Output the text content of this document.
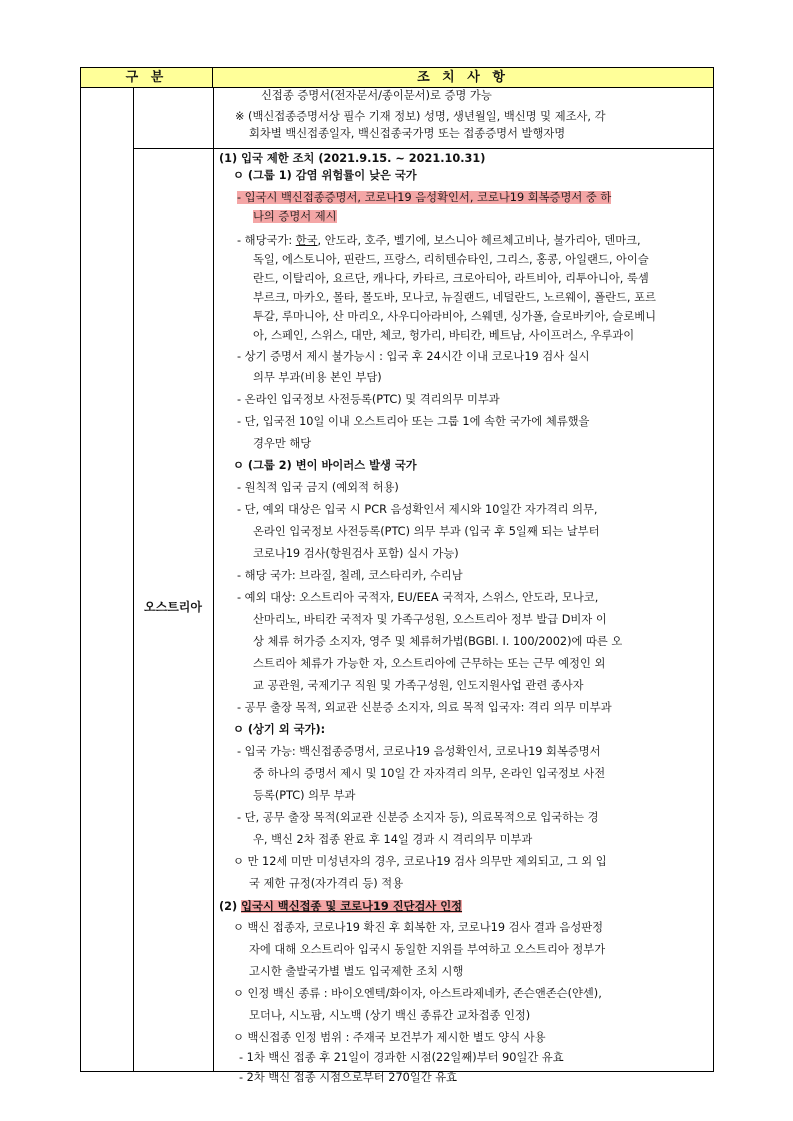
구 분	조 치 사 항
오스트리아
신접종 증명서(전자문서/종이문서)로 증명 가능
※ (백신접종증명서상 필수 기재 정보) 성명, 생년월일, 백신명 및 제조사, 각
회차별 백신접종일자, 백신접종국가명 또는 접종증명서 발행자명
(1) 입국 제한 조치 (2021.9.15. ~ 2021.10.31)
ㅇ (그룹 1) 감염 위험률이 낮은 국가
- 입국시 백신접종증명서, 코로나19 음성확인서, 코로나19 회복증명서 중 하
나의 증명서 제시
- 해당국가: 한국, 안도라, 호주, 벨기에, 보스니아 헤르체고비나, 불가리아, 덴마크,
독일, 에스토니아, 핀란드, 프랑스, 리히텐슈타인, 그리스, 홍콩, 아일랜드, 아이슬
란드, 이탈리아, 요르단, 캐나다, 카타르, 크로아티아, 라트비아, 리투아니아, 룩셈
부르크, 마카오, 몰타, 몰도바, 모나코, 뉴질랜드, 네덜란드, 노르웨이, 폴란드, 포르
투갈, 루마니아, 산 마리오, 사우디아라비아, 스웨덴, 싱가폴, 슬로바키아, 슬로베니
아, 스페인, 스위스, 대만, 체코, 헝가리, 바티칸, 베트남, 사이프러스, 우루과이
- 상기 증명서 제시 불가능시 : 입국 후 24시간 이내 코로나19 검사 실시
의무 부과(비용 본인 부담)
- 온라인 입국정보 사전등록(PTC) 및 격리의무 미부과
- 단, 입국전 10일 이내 오스트리아 또는 그룹 1에 속한 국가에 체류했을
경우만 해당
ㅇ (그룹 2) 변이 바이러스 발생 국가
- 원칙적 입국 금지 (예외적 허용)
- 단, 예외 대상은 입국 시 PCR 음성확인서 제시와 10일간 자가격리 의무,
온라인 입국정보 사전등록(PTC) 의무 부과 (입국 후 5일째 되는 날부터
코로나19 검사(항원검사 포함) 실시 가능)
- 해당 국가: 브라질, 칠레, 코스타리카, 수리남
- 예외 대상: 오스트리아 국적자, EU/EEA 국적자, 스위스, 안도라, 모나코,
산마리노, 바티칸 국적자 및 가족구성원, 오스트리아 정부 발급 D비자 이
상 체류 허가증 소지자, 영주 및 체류허가법(BGBl. I. 100/2002)에 따른 오
스트리아 체류가 가능한 자, 오스트리아에 근무하는 또는 근무 예정인 외
교 공관원, 국제기구 직원 및 가족구성원, 인도지원사업 관련 종사자
- 공무 출장 목적, 외교관 신분증 소지자, 의료 목적 입국자: 격리 의무 미부과
ㅇ (상기 외 국가):
- 입국 가능: 백신접종증명서, 코로나19 음성확인서, 코로나19 회복증명서
중 하나의 증명서 제시 및 10일 간 자자격리 의무, 온라인 입국정보 사전
등록(PTC) 의무 부과
- 단, 공무 출장 목적(외교관 신분증 소지자 등), 의료목적으로 입국하는 경
우, 백신 2차 접종 완료 후 14일 경과 시 격리의무 미부과
ㅇ 만 12세 미만 미성년자의 경우, 코로나19 검사 의무만 제외되고, 그 외 입
국 제한 규정(자가격리 등) 적용
(2) 입국시 백신접종 및 코로나19 진단검사 인정
ㅇ 백신 접종자, 코로나19 확진 후 회복한 자, 코로나19 검사 결과 음성판정
자에 대해 오스트리아 입국시 동일한 지위를 부여하고 오스트리아 정부가
고시한 출발국가별 별도 입국제한 조치 시행
ㅇ 인정 백신 종류 : 바이오엔텍/화이자, 아스트라제네카, 존슨앤존슨(얀센),
모더나, 시노팜, 시노백 (상기 백신 종류간 교차접종 인정)
ㅇ 백신접종 인정 범위 : 주재국 보건부가 제시한 별도 양식 사용
- 1차 백신 접종 후 21일이 경과한 시점(22일째)부터 90일간 유효
- 2차 백신 접종 시점으로부터 270일간 유효
